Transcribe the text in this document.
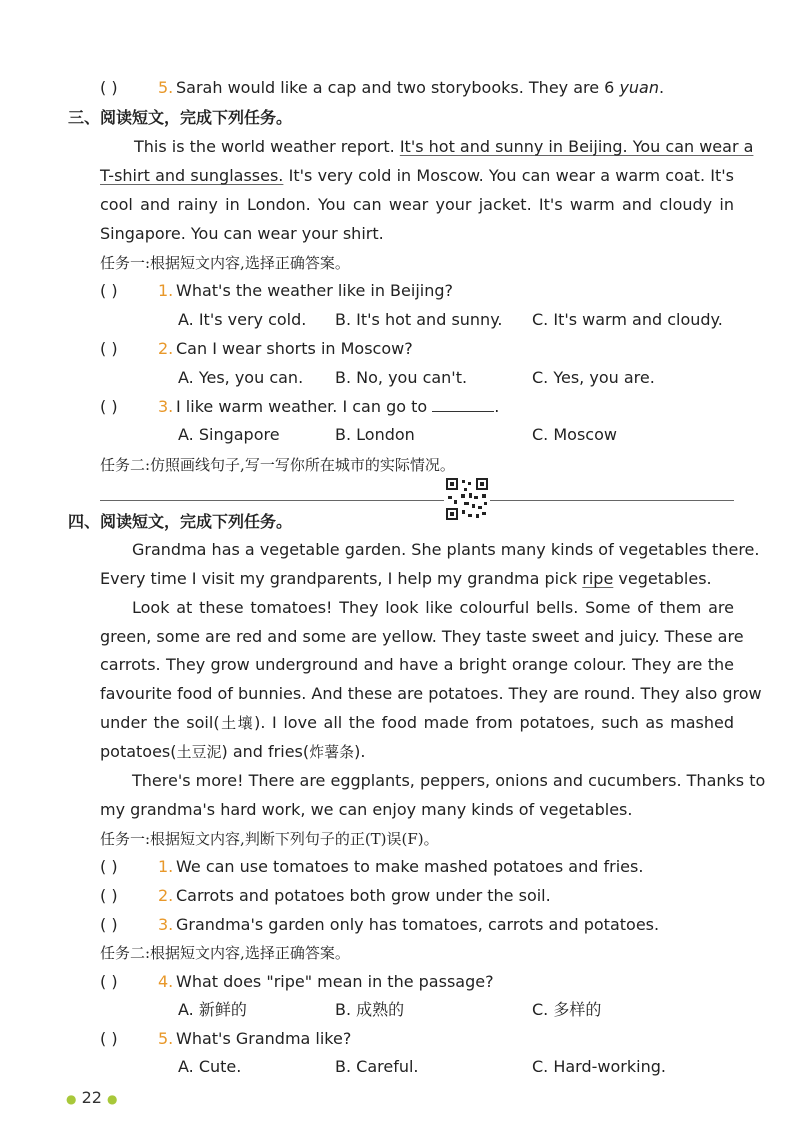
( )	5. Sarah would like a cap and two storybooks. They are 6 yuan.
三、阅读短文，完成下列任务。
This is the world weather report. It's hot and sunny in Beijing. You can wear a
T-shirt and sunglasses. It's very cold in Moscow. You can wear a warm coat. It's
cool and rainy in London. You can wear your jacket. It's warm and cloudy in
Singapore. You can wear your shirt.
任务一:根据短文内容,选择正确答案。
( )	1. What's the weather like in Beijing?
A. It's very cold. B. It's hot and sunny. C. It's warm and cloudy.
( )	2. Can I wear shorts in Moscow?
A. Yes, you can. B. No, you can't.	C. Yes, you are.
( )	3. I like warm weather. I can go to	.
A. Singapore	B. London	C. Moscow
任务二:仿照画线句子,写一写你所在城市的实际情况。
四、阅读短文，完成下列任务。
Grandma has a vegetable garden. She plants many kinds of vegetables there.
Every time I visit my grandparents, I help my grandma pick ripe vegetables.
Look at these tomatoes! They look like colourful bells. Some of them are
green, some are red and some are yellow. They taste sweet and juicy. These are
carrots. They grow underground and have a bright orange colour. They are the
favourite food of bunnies. And these are potatoes. They are round. They also grow
under the soil(土壤). I love all the food made from potatoes, such as mashed
potatoes(土豆泥) and fries(炸薯条).
There's more! There are eggplants, peppers, onions and cucumbers. Thanks to
my grandma's hard work, we can enjoy many kinds of vegetables.
任务一:根据短文内容,判断下列句子的正(T)误(F)。
( )	1. We can use tomatoes to make mashed potatoes and fries.
( )	2. Carrots and potatoes both grow under the soil.
( )	3. Grandma's garden only has tomatoes, carrots and potatoes.
任务二:根据短文内容,选择正确答案。
( )	4. What does "ripe" mean in the passage?
A. 新鲜的	B. 成熟的	C. 多样的
( )	5. What's Grandma like?
A. Cute.	B. Careful.	C. Hard-working.
● 22 ●
